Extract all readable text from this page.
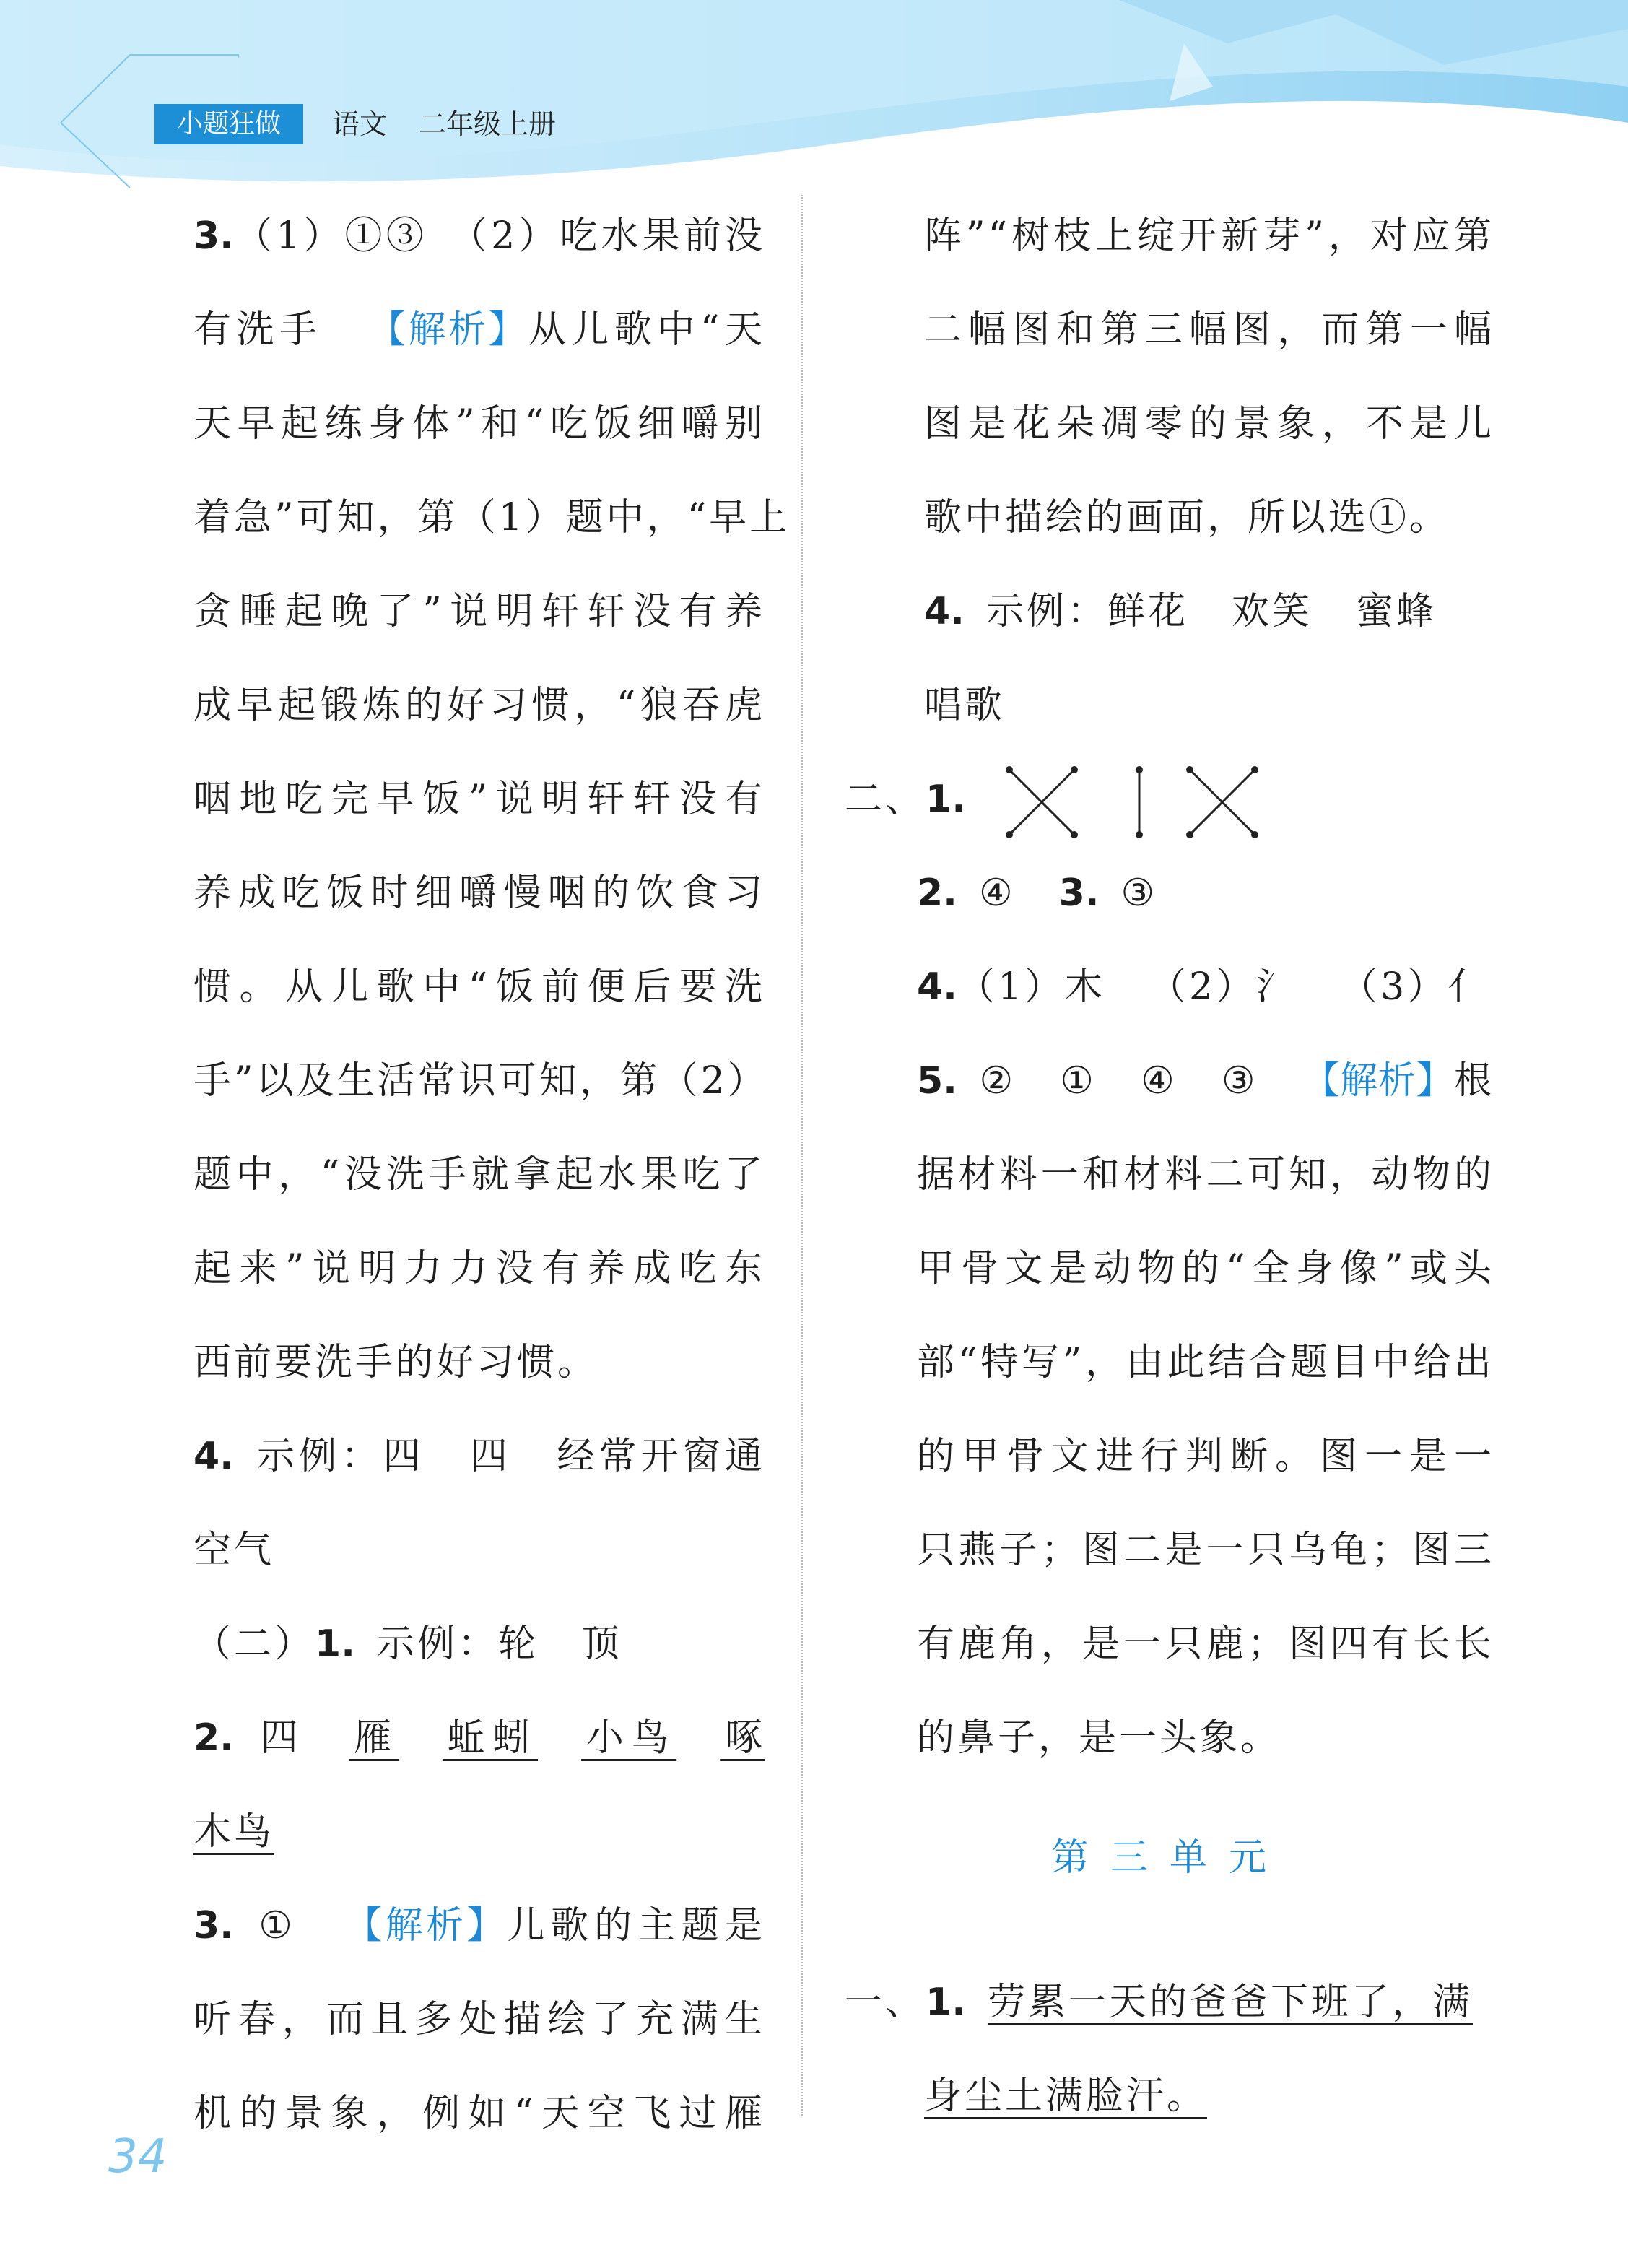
小题狂做	语文 二年级上册
3.（1）①③ （2）吃水果前没
有洗手 【解析】从儿歌中“天
天早起练身体”和“吃饭细嚼别
着急”可知，第（1）题中，“早上
贪睡起晚了”说明轩轩没有养
成早起锻炼的好习惯，“狼吞虎
咽地吃完早饭”说明轩轩没有
养成吃饭时细嚼慢咽的饮食习
惯。从儿歌中“饭前便后要洗
手”以及生活常识可知，第（2）
题中，“没洗手就拿起水果吃了
起来”说明力力没有养成吃东
西前要洗手的好习惯。
4. 示例：四 四 经常开窗通
空气
（二）1. 示例：轮 顶
2. 四 雁 蚯蚓 小鸟 啄
木鸟
3. ① 【解析】儿歌的主题是
听春，而且多处描绘了充满生
机的景象，例如“天空飞过雁
阵”“树枝上绽开新芽”，对应第
二幅图和第三幅图，而第一幅
图是花朵凋零的景象，不是儿
歌中描绘的画面，所以选①。
4. 示例：鲜花 欢笑 蜜蜂
唱歌
二、1.
2. ④ 3. ③
4.（1）木 （2）氵 （3）亻
5. ② ① ④ ③ 【解析】根
据材料一和材料二可知，动物的
甲骨文是动物的“全身像”或头
部“特写”，由此结合题目中给出
的甲骨文进行判断。图一是一
只燕子；图二是一只乌龟；图三
有鹿角，是一只鹿；图四有长长
的鼻子，是一头象。
第三单元
一、1. 劳累一天的爸爸下班了，满
身尘土满脸汗。
34
